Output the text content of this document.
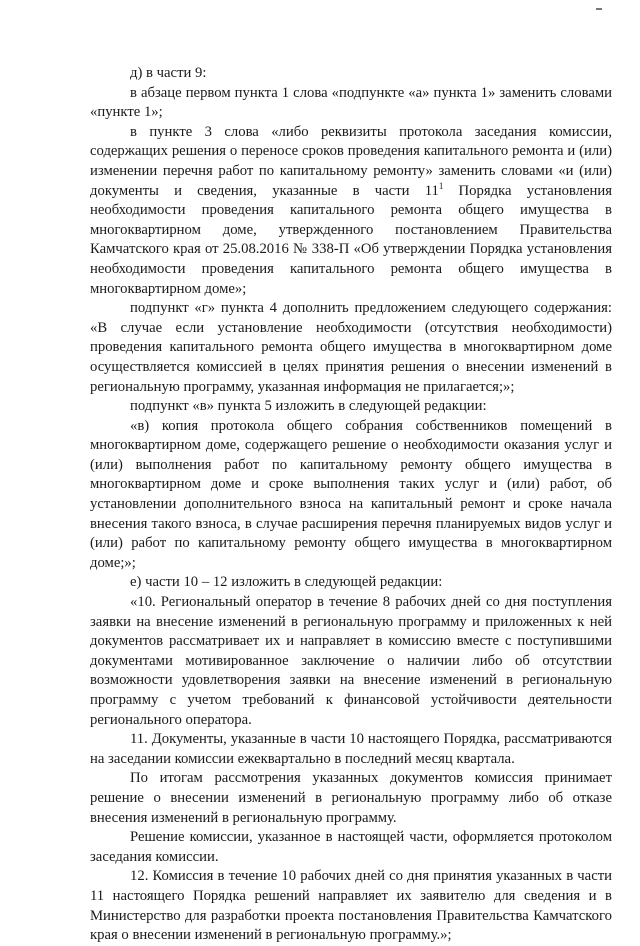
д) в части 9:

в абзаце первом пункта 1 слова «подпункте «а» пункта 1» заменить словами «пункте 1»;

в пункте 3 слова «либо реквизиты протокола заседания комиссии, содержащих решения о переносе сроков проведения капитального ремонта и (или) изменении перечня работ по капитальному ремонту» заменить словами «и (или) документы и сведения, указанные в части $11^1$ Порядка установления необходимости проведения капитального ремонта общего имущества в многоквартирном доме, утвержденного постановлением Правительства Камчатского края от 25.08.2016 № 338-П «Об утверждении Порядка установления необходимости проведения капитального ремонта общего имущества в многоквартирном доме»;

подпункт «г» пункта 4 дополнить предложением следующего содержания: «В случае если установление необходимости (отсутствия необходимости) проведения капитального ремонта общего имущества в многоквартирном доме осуществляется комиссией в целях принятия решения о внесении изменений в региональную программу, указанная информация не прилагается;»;

подпункт «в» пункта 5 изложить в следующей редакции:

«в) копия протокола общего собрания собственников помещений в многоквартирном доме, содержащего решение о необходимости оказания услуг и (или) выполнения работ по капитальному ремонту общего имущества в многоквартирном доме и сроке выполнения таких услуг и (или) работ, об установлении дополнительного взноса на капитальный ремонт и сроке начала внесения такого взноса, в случае расширения перечня планируемых видов услуг и (или) работ по капитальному ремонту общего имущества в многоквартирном доме;»;

е) части 10 – 12 изложить в следующей редакции:

«10. Региональный оператор в течение 8 рабочих дней со дня поступления заявки на внесение изменений в региональную программу и приложенных к ней документов рассматривает их и направляет в комиссию вместе с поступившими документами мотивированное заключение о наличии либо об отсутствии возможности удовлетворения заявки на внесение изменений в региональную программу с учетом требований к финансовой устойчивости деятельности регионального оператора.

11. Документы, указанные в части 10 настоящего Порядка, рассматриваются на заседании комиссии ежеквартально в последний месяц квартала.

По итогам рассмотрения указанных документов комиссия принимает решение о внесении изменений в региональную программу либо об отказе внесения изменений в региональную программу.

Решение комиссии, указанное в настоящей части, оформляется протоколом заседания комиссии.

12. Комиссия в течение 10 рабочих дней со дня принятия указанных в части 11 настоящего Порядка решений направляет их заявителю для сведения и в Министерство для разработки проекта постановления Правительства Камчатского края о внесении изменений в региональную программу.»;
